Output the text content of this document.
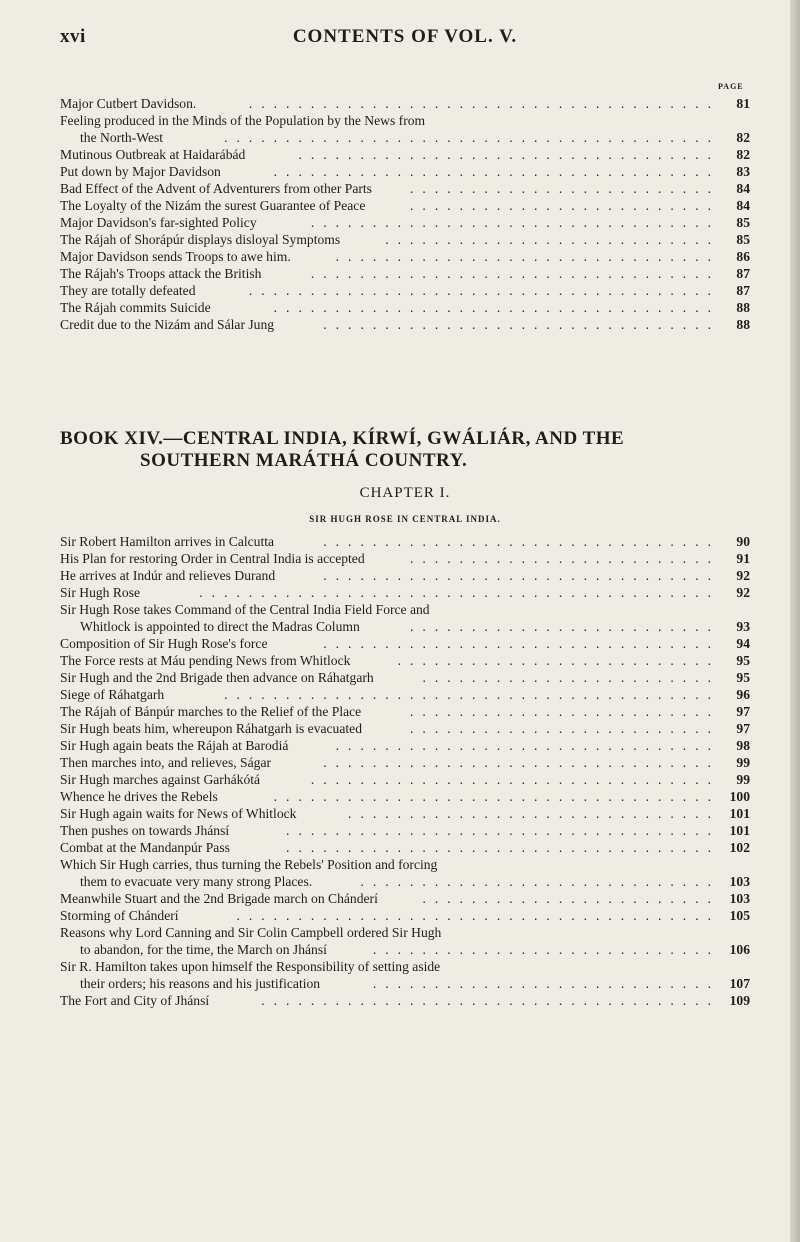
xvi	CONTENTS OF VOL. V.
PAGE
Major Cutbert Davidson.	......................................	81
Feeling produced in the Minds of the Population by the News from
the North-West	........................................	82
Mutinous Outbreak at Haidarábád	..................................	82
Put down by Major Davidson	....................................	83
Bad Effect of the Advent of Adventurers from other Parts	.........................	84
The Loyalty of the Nizám the surest Guarantee of Peace	.........................	84
Major Davidson's far-sighted Policy	.................................	85
The Rájah of Shorápúr displays disloyal Symptoms	...........................	85
Major Davidson sends Troops to awe him.	...............................	86
The Rájah's Troops attack the British	.................................	87
They are totally defeated	......................................	87
The Rájah commits Suicide	....................................	88
Credit due to the Nizám and Sálar Jung	................................	88
BOOK XIV.—CENTRAL INDIA, KÍRWÍ, GWÁLIÁR, AND THE
SOUTHERN MARÁTHÁ COUNTRY.
CHAPTER I.
SIR HUGH ROSE IN CENTRAL INDIA.
Sir Robert Hamilton arrives in Calcutta	................................	90
His Plan for restoring Order in Central India is accepted	.........................	91
He arrives at Indúr and relieves Durand	................................	92
Sir Hugh Rose	..........................................	92
Sir Hugh Rose takes Command of the Central India Field Force and
Whitlock is appointed to direct the Madras Column	.........................	93
Composition of Sir Hugh Rose's force	................................	94
The Force rests at Máu pending News from Whitlock	..........................	95
Sir Hugh and the 2nd Brigade then advance on Ráhatgarh	........................	95
Siege of Ráhatgarh	........................................	96
The Rájah of Bánpúr marches to the Relief of the Place	.........................	97
Sir Hugh beats him, whereupon Ráhatgarh is evacuated	.........................	97
Sir Hugh again beats the Rájah at Barodiá	...............................	98
Then marches into, and relieves, Ságar	................................	99
Sir Hugh marches against Garhákótá	.................................	99
Whence he drives the Rebels	.................................... 100
Sir Hugh again waits for News of Whitlock	.............................. 101
Then pushes on towards Jhánsí	................................... 101
Combat at the Mandanpúr Pass	................................... 102
Which Sir Hugh carries, thus turning the Rebels' Position and forcing
them to evacuate very many strong Places.	............................. 103
Meanwhile Stuart and the 2nd Brigade march on Chánderí	........................ 103
Storming of Chánderí	....................................... 105
Reasons why Lord Canning and Sir Colin Campbell ordered Sir Hugh
to abandon, for the time, the March on Jhánsí	............................ 106
Sir R. Hamilton takes upon himself the Responsibility of setting aside
their orders; his reasons and his justification	............................ 107
The Fort and City of Jhánsí	..................................... 109
